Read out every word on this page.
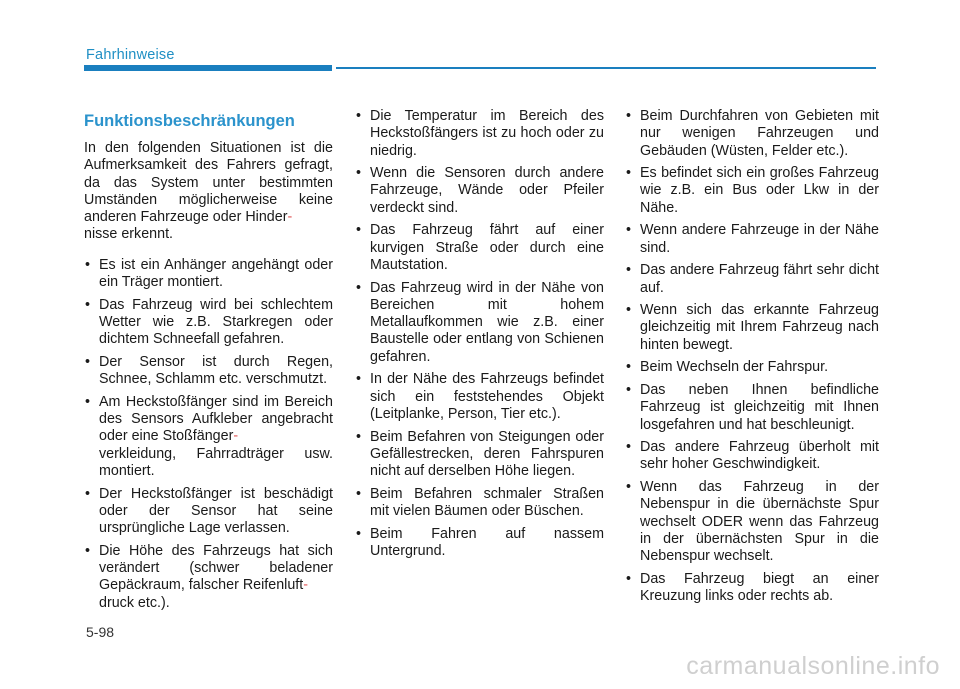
Fahrhinweise
Funktionsbeschränkungen

In den folgenden Situationen ist die Aufmerksamkeit des Fahrers gefragt, da das System unter bestimmten Umständen möglicherweise keine anderen Fahrzeuge oder Hinder-
nisse erkennt.

• Es ist ein Anhänger angehängt oder ein Träger montiert.
• Das Fahrzeug wird bei schlechtem Wetter wie z.B. Starkregen oder dichtem Schneefall gefahren.
• Der Sensor ist durch Regen, Schnee, Schlamm etc. verschmutzt.
• Am Heckstoßfänger sind im Bereich des Sensors Aufkleber angebracht oder eine Stoßfänger-
verkleidung, Fahrradträger usw. montiert.
• Der Heckstoßfänger ist beschädigt oder der Sensor hat seine ursprüngliche Lage verlassen.
• Die Höhe des Fahrzeugs hat sich verändert (schwer beladener Gepäckraum, falscher Reifenluft-
druck etc.).
• Die Temperatur im Bereich des Heckstoßfängers ist zu hoch oder zu niedrig.
• Wenn die Sensoren durch andere Fahrzeuge, Wände oder Pfeiler verdeckt sind.
• Das Fahrzeug fährt auf einer kurvigen Straße oder durch eine Mautstation.
• Das Fahrzeug wird in der Nähe von Bereichen mit hohem Metallaufkommen wie z.B. einer Baustelle oder entlang von Schienen gefahren.
• In der Nähe des Fahrzeugs befindet sich ein feststehendes Objekt (Leitplanke, Person, Tier etc.).
• Beim Befahren von Steigungen oder Gefällestrecken, deren Fahrspuren nicht auf derselben Höhe liegen.
• Beim Befahren schmaler Straßen mit vielen Bäumen oder Büschen.
• Beim Fahren auf nassem Untergrund.
• Beim Durchfahren von Gebieten mit nur wenigen Fahrzeugen und Gebäuden (Wüsten, Felder etc.).
• Es befindet sich ein großes Fahrzeug wie z.B. ein Bus oder Lkw in der Nähe.
• Wenn andere Fahrzeuge in der Nähe sind.
• Das andere Fahrzeug fährt sehr dicht auf.
• Wenn sich das erkannte Fahrzeug gleichzeitig mit Ihrem Fahrzeug nach hinten bewegt.
• Beim Wechseln der Fahrspur.
• Das neben Ihnen befindliche Fahrzeug ist gleichzeitig mit Ihnen losgefahren und hat beschleunigt.
• Das andere Fahrzeug überholt mit sehr hoher Geschwindigkeit.
• Wenn das Fahrzeug in der Nebenspur in die übernächste Spur wechselt ODER wenn das Fahrzeug in der übernächsten Spur in die Nebenspur wechselt.
• Das Fahrzeug biegt an einer Kreuzung links oder rechts ab.
5-98
carmanualsonline.info
